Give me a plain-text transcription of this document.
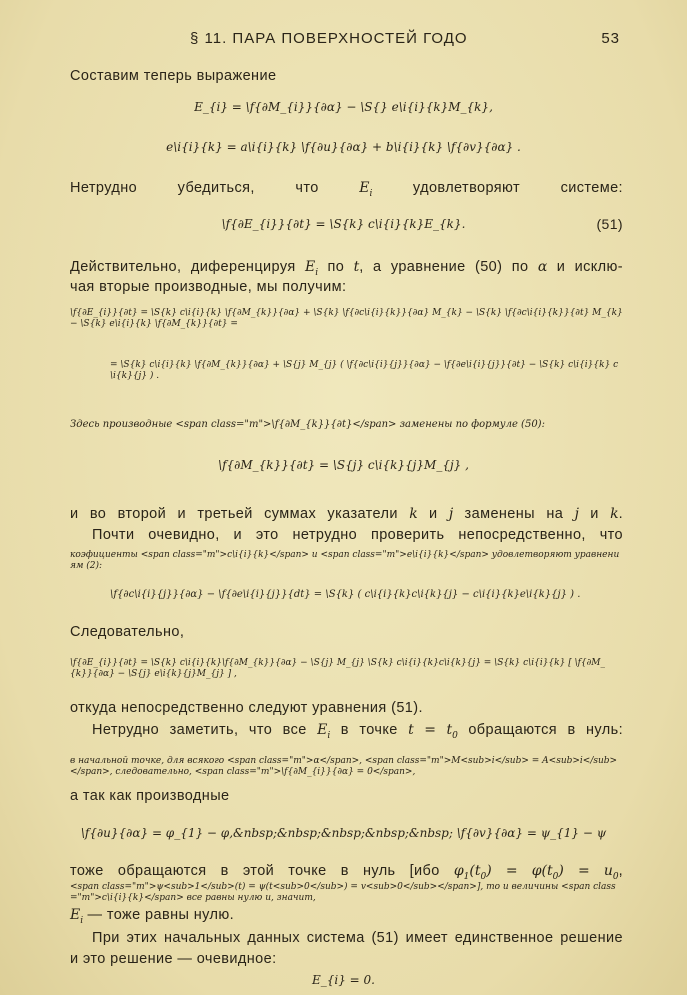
§ 11. ПАРА ПОВЕРХНОСТЕЙ ГОДО	53
Составим теперь выражение
E_{i} = \f{∂M_{i}}{∂α} − \S{} e\i{i}{k}M_{k},
e\i{i}{k} = a\i{i}{k} \f{∂u}{∂α} + b\i{i}{k} \f{∂v}{∂α} .
Нетрудно убедиться, что $E_i$ удовлетворяют системе:
\f{∂E_{i}}{∂t} = \S{k} c\i{i}{k}E_{k}.	(51)
Действительно, диференцируя $E_i$ по t, а уравнение (50) по α и исклю-
чая вторые производные, мы получим:
\f{∂E_{i}}{∂t} = \S{k} c\i{i}{k} \f{∂M_{k}}{∂α} + \S{k} \f{∂c\i{i}{k}}{∂α} M_{k} − \S{k} \f{∂c\i{i}{k}}{∂t} M_{k} − \S{k} e\i{i}{k} \f{∂M_{k}}{∂t} =
= \S{k} c\i{i}{k} \f{∂M_{k}}{∂α} + \S{j} M_{j} ( \f{∂c\i{i}{j}}{∂α} − \f{∂e\i{i}{j}}{∂t} − \S{k} c\i{i}{k} c\i{k}{j} ) .
Здесь производные <span class="m">\f{∂M_{k}}{∂t}</span> заменены по формуле (50):
\f{∂M_{k}}{∂t} = \S{j} c\i{k}{j}M_{j} ,
и во второй и третьей суммах указатели k и j заменены на j и k.
Почти очевидно, и это нетрудно проверить непосредственно, что
коэфициенты <span class="m">c\i{i}{k}</span> и <span class="m">e\i{i}{k}</span> удовлетворяют уравнениям (2):
\f{∂c\i{i}{j}}{∂α} − \f{∂e\i{i}{j}}{dt} = \S{k} ( c\i{i}{k}c\i{k}{j} − c\i{i}{k}e\i{k}{j} ) .
Следовательно,
\f{∂E_{i}}{∂t} = \S{k} c\i{i}{k}\f{∂M_{k}}{∂α} − \S{j} M_{j} \S{k} c\i{i}{k}c\i{k}{j} = \S{k} c\i{i}{k} [ \f{∂M_{k}}{∂α} − \S{j} e\i{k}{j}M_{j} ] ,
откуда непосредственно следуют уравнения (51).
Нетрудно заметить, что все $E_i$ в точке $t = t_0$ обращаются в нуль:
в начальной точке, для всякого <span class="m">α</span>, <span class="m">M<sub>i</sub> = A<sub>i</sub></span>, следовательно, <span class="m">\f{∂M_{i}}{∂α} = 0</span>,
а так как производные
\f{∂u}{∂α} = φ_{1} − φ,&nbsp;&nbsp;&nbsp;&nbsp;&nbsp; \f{∂v}{∂α} = ψ_{1} − ψ
тоже обращаются в этой точке в нуль [ибо $\varphi_1(t_0) = \varphi(t_0) = u_0$,
<span class="m">ψ<sub>1</sub>(t) = ψ(t<sub>0</sub>) = v<sub>0</sub></span>], то и величины <span class="m">c\i{i}{k}</span> все равны нулю и, значит,
$E_i$ — тоже равны нулю.
При этих начальных данных система (51) имеет единственное решение
и это решение — очевидное:
E_{i} = 0.
